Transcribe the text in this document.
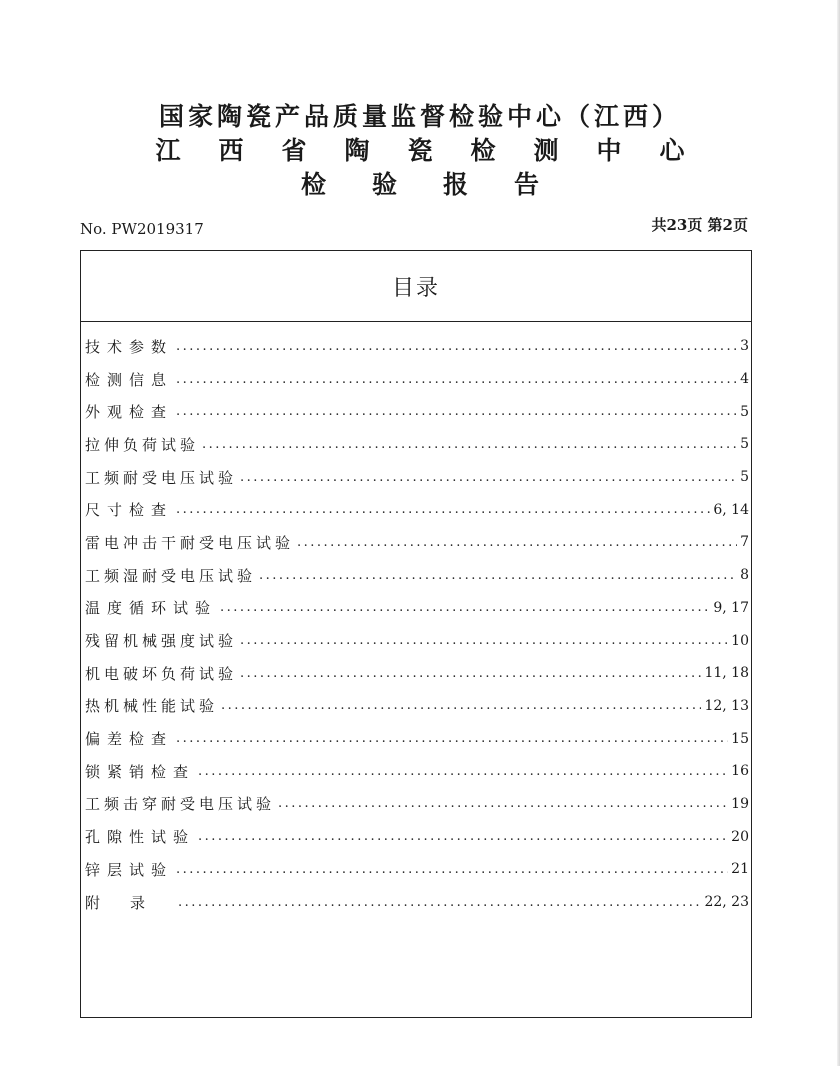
国家陶瓷产品质量监督检验中心（江西）
江西省陶瓷检测中心
检验报告
No. PW2019317	共23页 第2页
目录
技术参数 .....	3
检测信息 .....	4
外观检查 .....	5
拉伸负荷试验 .....	5
工频耐受电压试验 .....	5
尺寸检查 .....	6, 14
雷电冲击干耐受电压试验 .....	7
工频湿耐受电压试验 .....	8
温度循环试验 .....	9, 17
残留机械强度试验 .....	10
机电破坏负荷试验 .....	11, 18
热机械性能试验 .....	12, 13
偏差检查 .....	15
锁紧销检查 .....	16
工频击穿耐受电压试验 .....	19
孔隙性试验 .....	20
锌层试验 .....	21
附录 .....	22, 23
